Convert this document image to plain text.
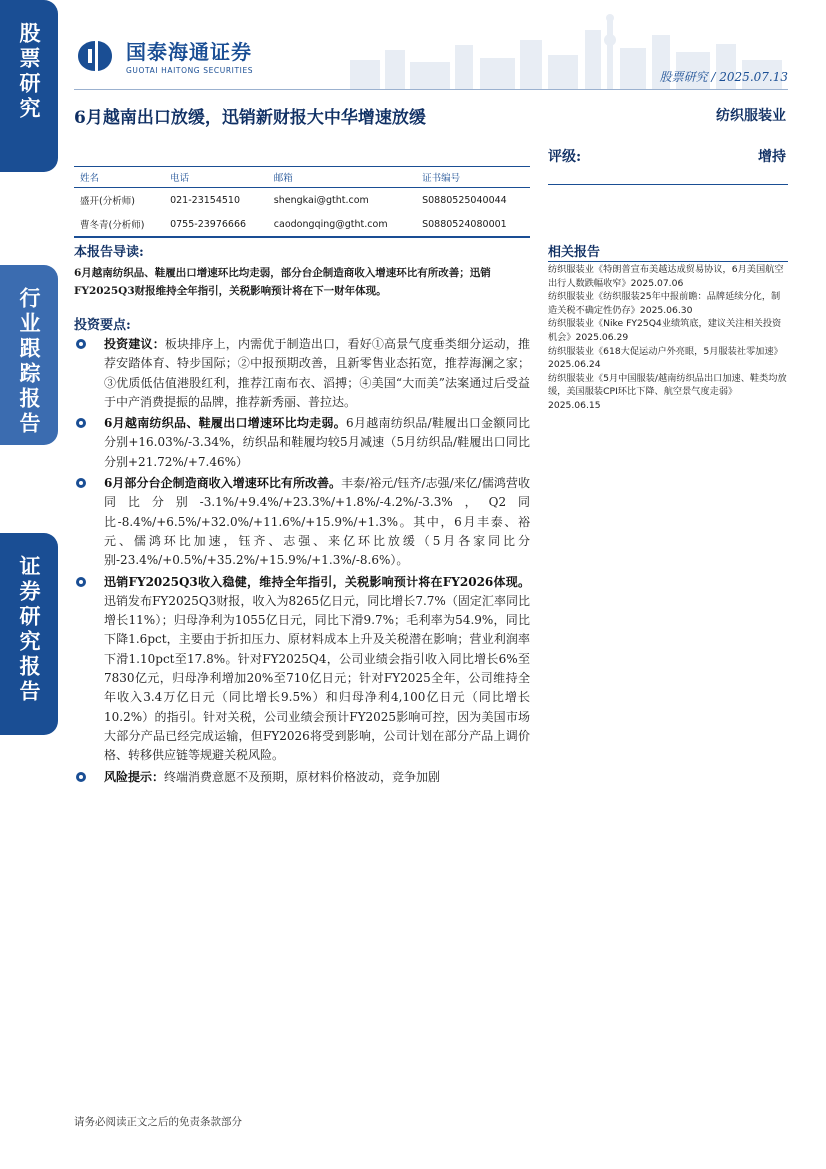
股票研究
行业跟踪报告
证券研究报告
国泰海通证券
GUOTAI HAITONG SECURITIES	股票研究 / 2025.07.13
6月越南出口放缓，迅销新财报大中华增速放缓	纺织服装业
姓名	电话	邮箱	证书编号
盛开(分析师)	021-23154510	shengkai@gtht.com	S0880525040044
曹冬青(分析师)	0755-23976666	caodongqing@gtht.com	S0880524080001
评级:	增持
本报告导读:
6月越南纺织品、鞋履出口增速环比均走弱，部分台企制造商收入增速环比有所改善；迅销FY2025Q3财报维持全年指引，关税影响预计将在下一财年体现。
投资要点:
投资建议：板块排序上，内需优于制造出口，看好①高景气度垂类细分运动，推荐安踏体育、特步国际；②中报预期改善，且新零售业态拓宽，推荐海澜之家；③优质低估值港股红利，推荐江南布衣、滔搏；④美国“大而美”法案通过后受益于中产消费提振的品牌，推荐新秀丽、普拉达。
6月越南纺织品、鞋履出口增速环比均走弱。6月越南纺织品/鞋履出口金额同比分别+16.03%/-3.34%，纺织品和鞋履均较5月减速（5月纺织品/鞋履出口同比分别+21.72%/+7.46%）
6月部分台企制造商收入增速环比有所改善。丰泰/裕元/钰齐/志强/来亿/儒鸿营收同比分别-3.1%/+9.4%/+23.3%/+1.8%/-4.2%/-3.3%，Q2同比-8.4%/+6.5%/+32.0%/+11.6%/+15.9%/+1.3%。其中，6月丰泰、裕元、儒鸿环比加速，钰齐、志强、来亿环比放缓（5月各家同比分别-23.4%/+0.5%/+35.2%/+15.9%/+1.3%/-8.6%）。
迅销FY2025Q3收入稳健，维持全年指引，关税影响预计将在FY2026体现。迅销发布FY2025Q3财报，收入为8265亿日元，同比增长7.7%（固定汇率同比增长11%）；归母净利为1055亿日元，同比下滑9.7%；毛利率为54.9%，同比下降1.6pct，主要由于折扣压力、原材料成本上升及关税潜在影响；营业利润率下滑1.10pct至17.8%。针对FY2025Q4，公司业绩会指引收入同比增长6%至7830亿元，归母净利增加20%至710亿日元；针对FY2025全年，公司维持全年收入3.4万亿日元（同比增长9.5%）和归母净利4,100亿日元（同比增长10.2%）的指引。针对关税，公司业绩会预计FY2025影响可控，因为美国市场大部分产品已经完成运输，但FY2026将受到影响，公司计划在部分产品上调价格、转移供应链等规避关税风险。
风险提示：终端消费意愿不及预期，原材料价格波动，竞争加剧
相关报告
纺织服装业《特朗普宣布美越达成贸易协议，6月美国航空出行人数跌幅收窄》2025.07.06
纺织服装业《纺织服装25年中报前瞻：品牌延续分化，制造关税不确定性仍存》2025.06.30
纺织服装业《Nike FY25Q4业绩筑底，建议关注相关投资机会》2025.06.29
纺织服装业《618大促运动户外亮眼，5月服装社零加速》2025.06.24
纺织服装业《5月中国服装/越南纺织品出口加速、鞋类均放缓，美国服装CPI环比下降、航空景气度走弱》2025.06.15
请务必阅读正文之后的免责条款部分
